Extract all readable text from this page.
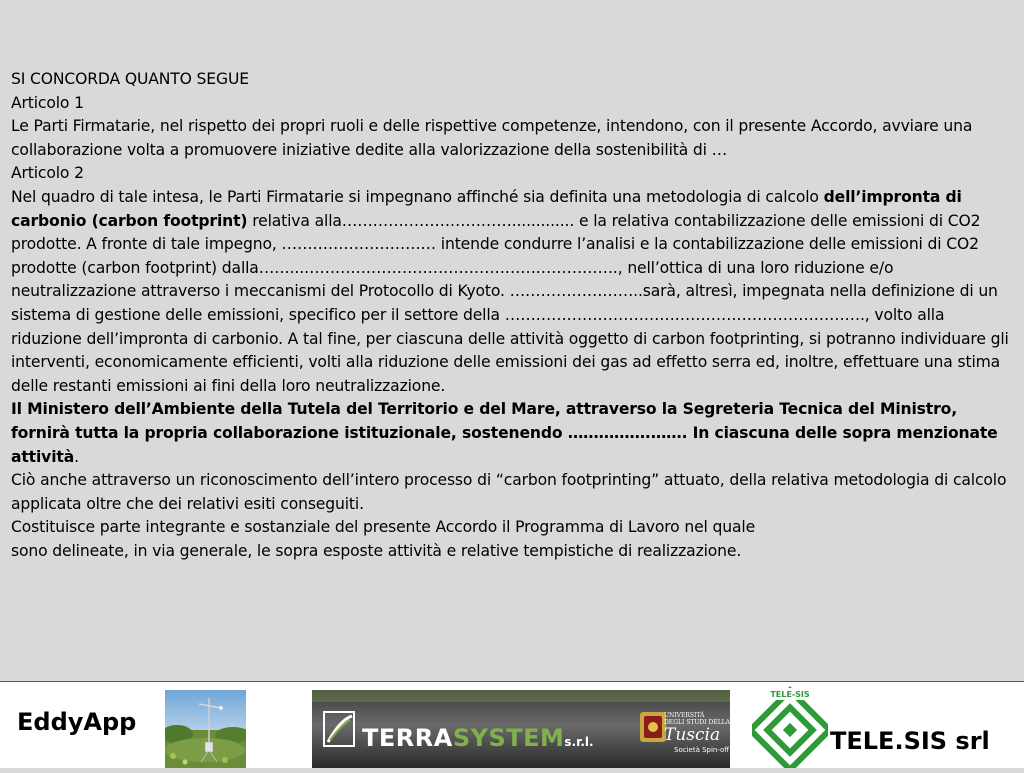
SI CONCORDA QUANTO SEGUE

Articolo 1

Le Parti Firmatarie, nel rispetto dei propri ruoli e delle rispettive competenze, intendono, con il presente Accordo, avviare una collaborazione volta a promuovere iniziative dedite alla valorizzazione della sostenibilità di …

Articolo 2

Nel quadro di tale intesa, le Parti Firmatarie si impegnano affinché sia definita una metodologia di calcolo dell’impronta di carbonio (carbon footprint) relativa alla……………………………............. e la relativa contabilizzazione delle emissioni di CO2 prodotte. A fronte di tale impegno, ………………………… intende condurre l’analisi e la contabilizzazione delle emissioni di CO2 prodotte (carbon footprint) dalla……...……………………………………………………., nell’ottica di una loro riduzione e/o neutralizzazione attraverso i meccanismi del Protocollo di Kyoto. ……………………..sarà, altresì, impegnata nella definizione di un sistema di gestione delle emissioni, specifico per il settore della ……………………………………………………………., volto alla riduzione dell’impronta di carbonio. A tal fine, per ciascuna delle attività oggetto di carbon footprinting, si potranno individuare gli interventi, economicamente efficienti, volti alla riduzione delle emissioni dei gas ad effetto serra ed, inoltre, effettuare una stima delle restanti emissioni ai fini della loro neutralizzazione.

Il Ministero dell’Ambiente della Tutela del Territorio e del Mare, attraverso la Segreteria Tecnica del Ministro, fornirà tutta la propria collaborazione istituzionale, sostenendo …………….……. In ciascuna delle sopra menzionate attività.

Ciò anche attraverso un riconoscimento dell’intero processo di “carbon footprinting” attuato, della relativa metodologia di calcolo applicata oltre che dei relativi esiti conseguiti.

Costituisce parte integrante e sostanziale del presente Accordo il Programma di Lavoro nel quale

sono delineate, in via generale, le sopra esposte attività e relative tempistiche di realizzazione.

EddyApp
TERRASYSTEMs.r.l.
UNIVERSITÀ
DEGLI STUDI DELLA
Tuscia
Società Spin-off
TELE-SIS
TELE.SIS srl
